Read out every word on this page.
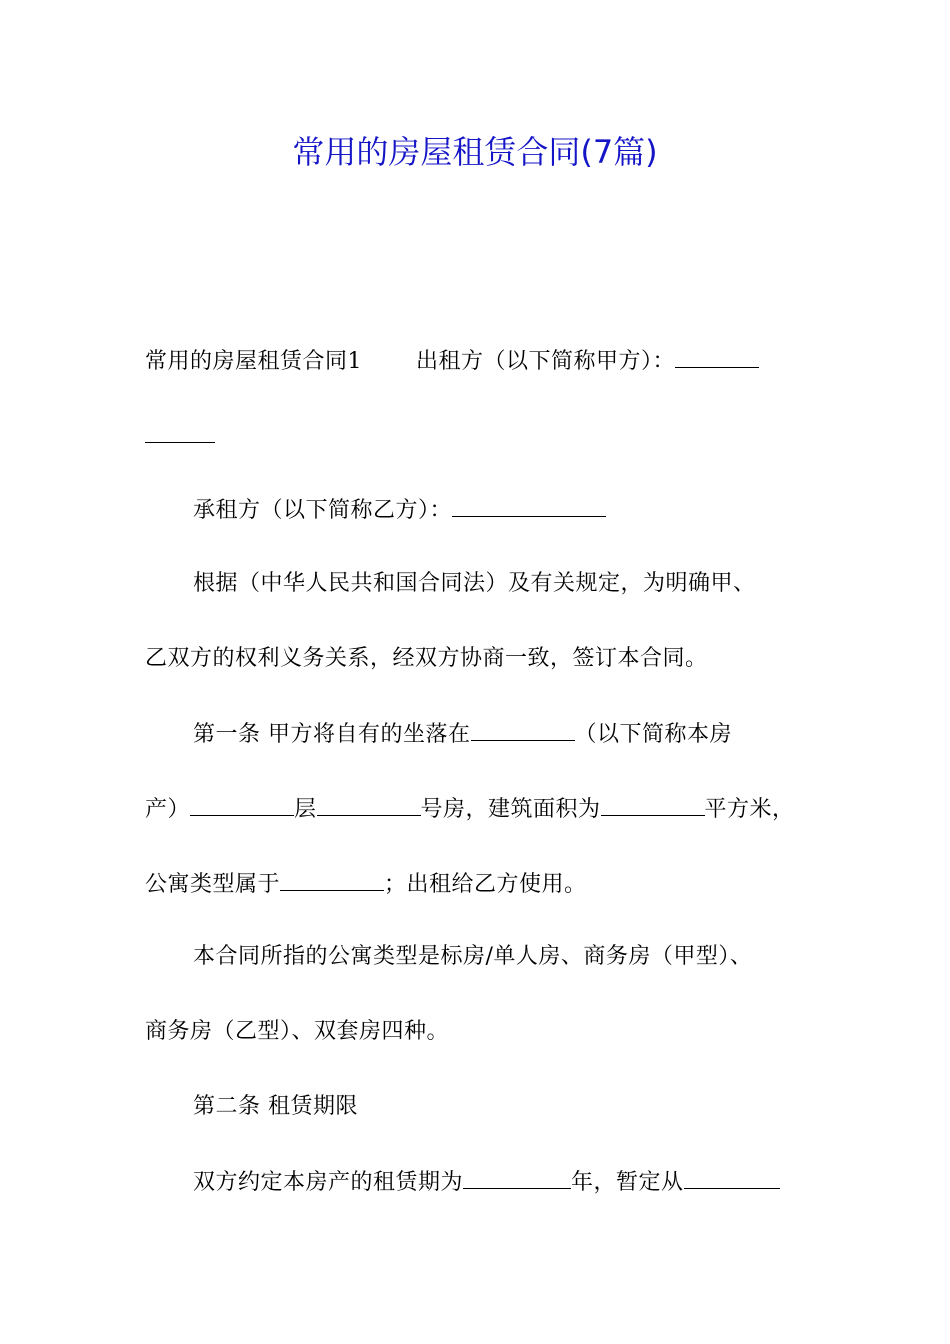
常用的房屋租赁合同(7篇)
常用的房屋租赁合同1 出租方（以下简称甲方）：
承租方（以下简称乙方）：
根据（中华人民共和国合同法）及有关规定，为明确甲、
乙双方的权利义务关系，经双方协商一致，签订本合同。
第一条 甲方将自有的坐落在	（以下简称本房
产）	层	号房，建筑面积为	平方米，
公寓类型属于	；出租给乙方使用。
本合同所指的公寓类型是标房/单人房、商务房（甲型）、
商务房（乙型）、双套房四种。
第二条 租赁期限
双方约定本房产的租赁期为	年，暂定从
